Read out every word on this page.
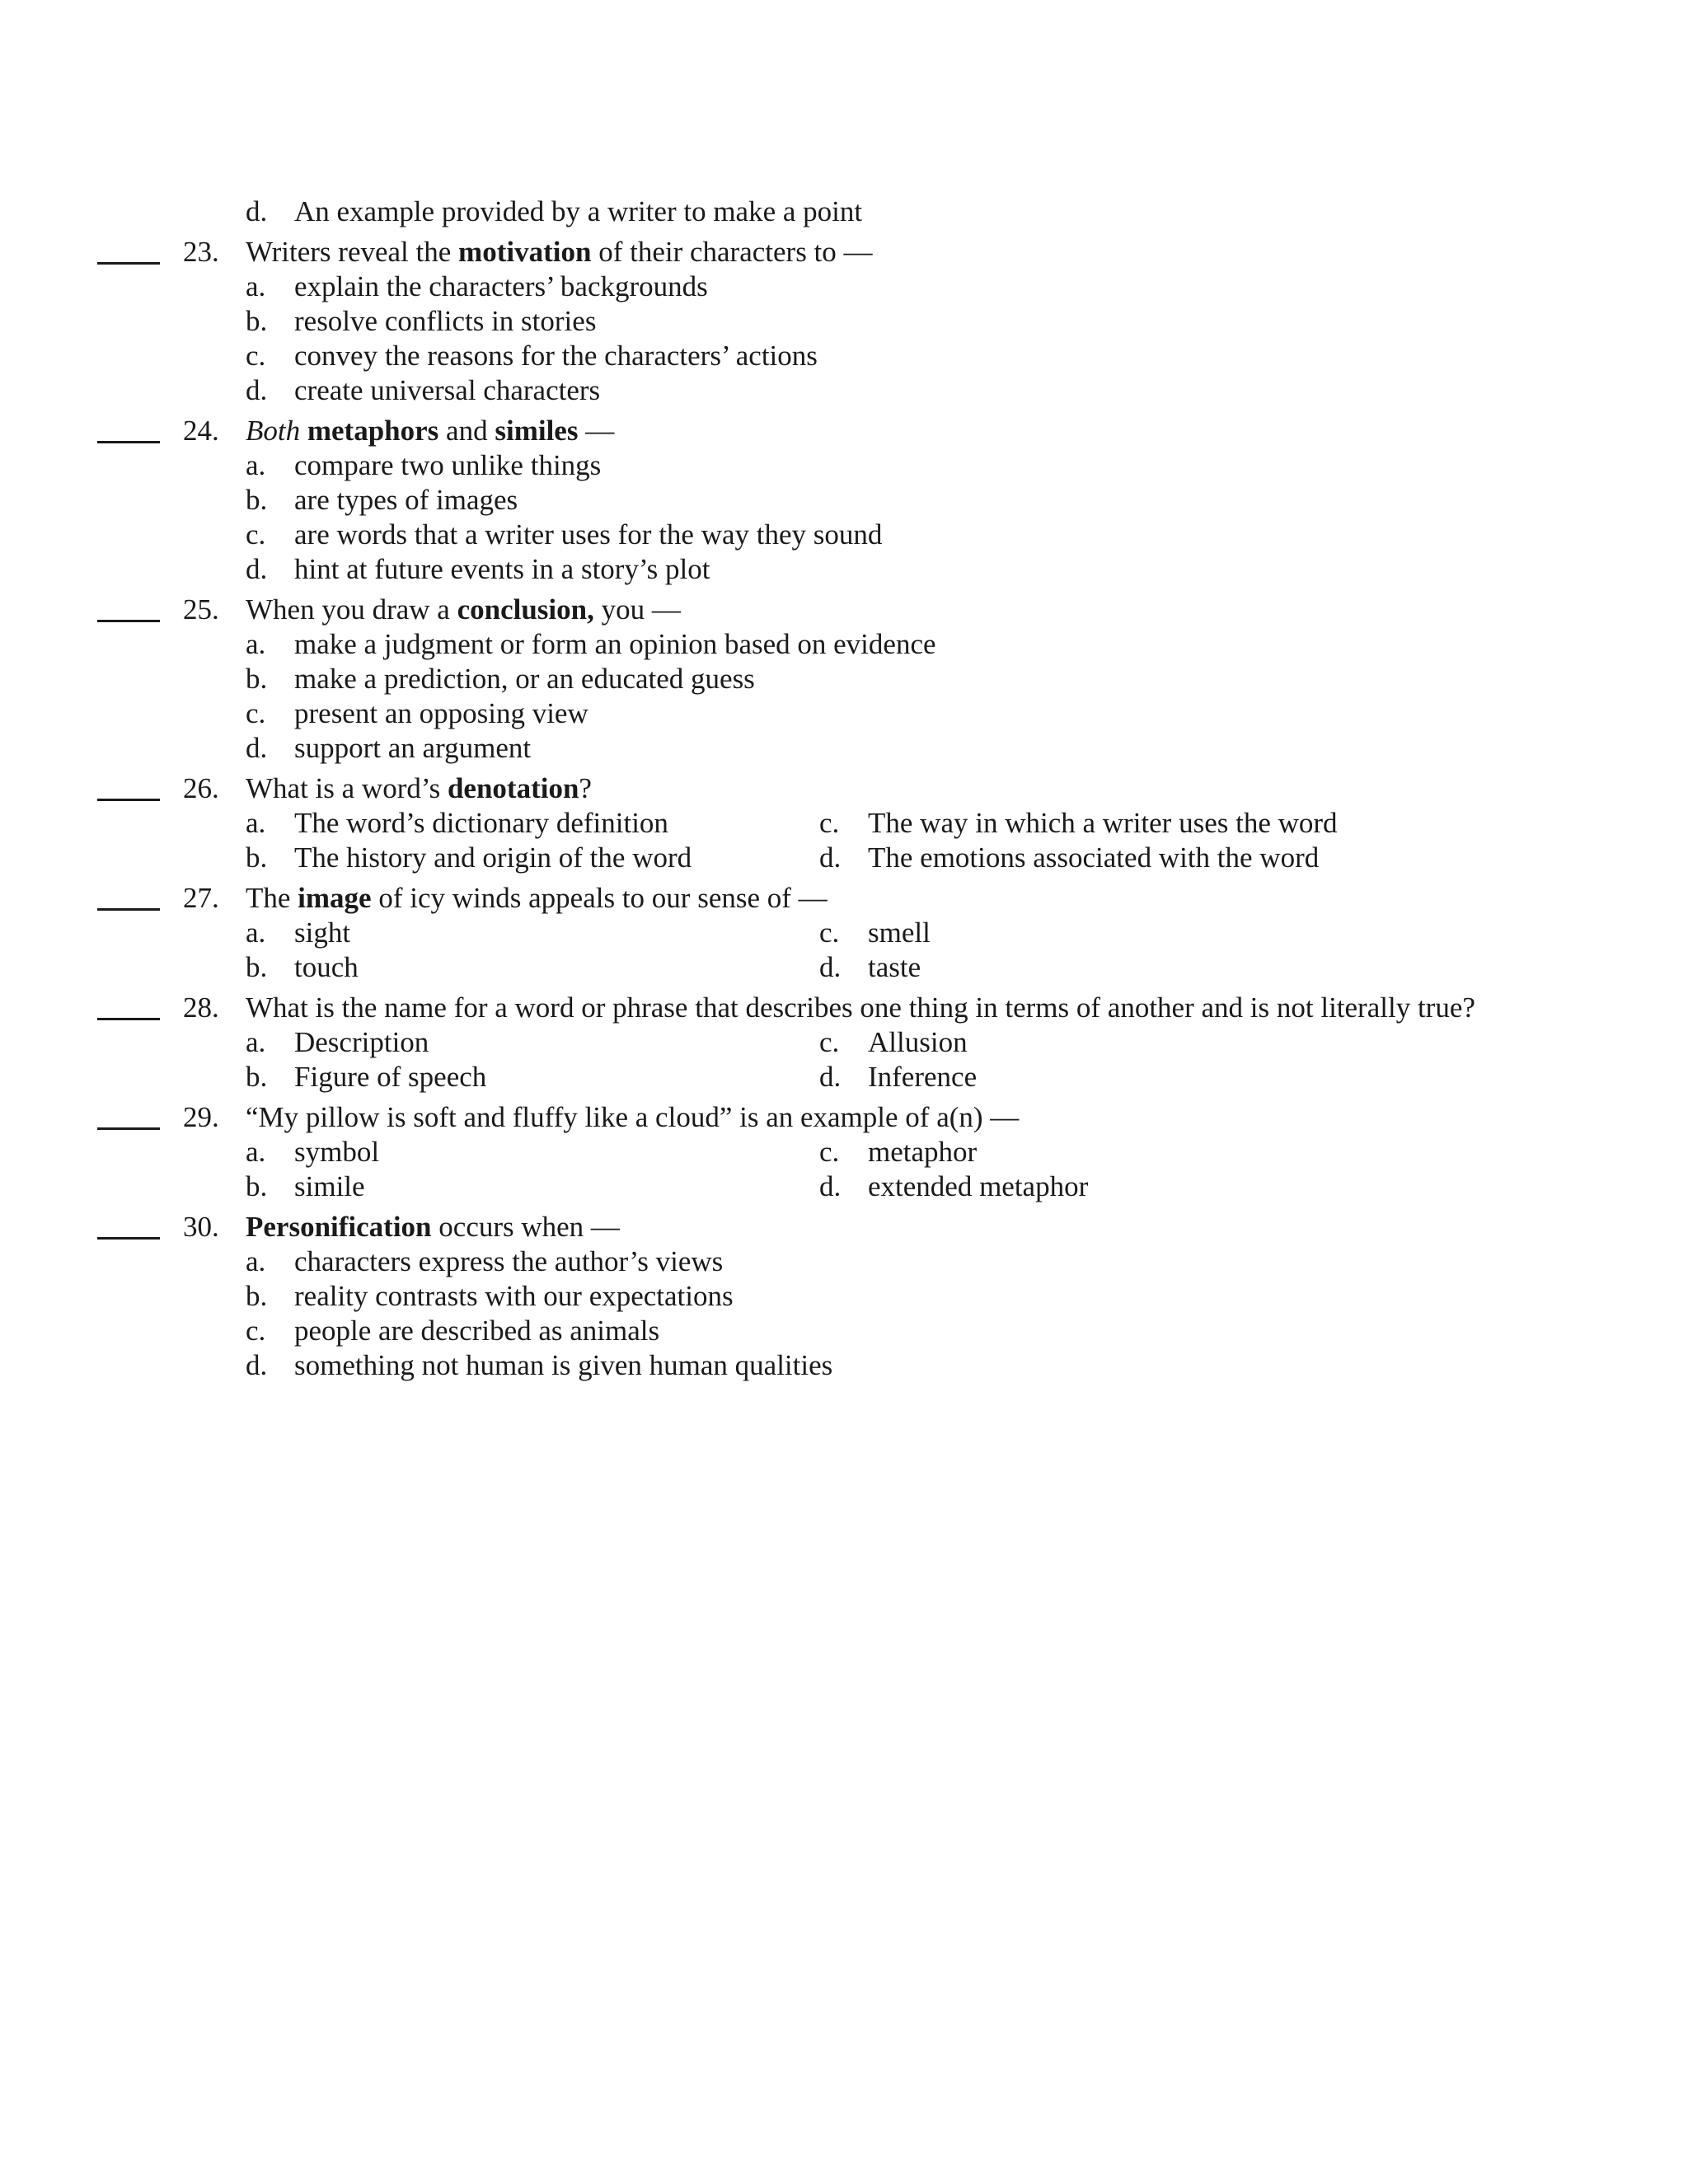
d. An example provided by a writer to make a point
23. Writers reveal the motivation of their characters to —
a. explain the characters’ backgrounds
b. resolve conflicts in stories
c. convey the reasons for the characters’ actions
d. create universal characters
24. Both metaphors and similes —
a. compare two unlike things
b. are types of images
c. are words that a writer uses for the way they sound
d. hint at future events in a story’s plot
25. When you draw a conclusion, you —
a. make a judgment or form an opinion based on evidence
b. make a prediction, or an educated guess
c. present an opposing view
d. support an argument
26. What is a word’s denotation?
a. The word’s dictionary definition	c. The way in which a writer uses the word
b. The history and origin of the word	d. The emotions associated with the word
27. The image of icy winds appeals to our sense of —
a. sight	c. smell
b. touch	d. taste
28. What is the name for a word or phrase that describes one thing in terms of another and is not literally true?
a. Description	c. Allusion
b. Figure of speech	d. Inference
29. “My pillow is soft and fluffy like a cloud” is an example of a(n) —
a. symbol	c. metaphor
b. simile	d. extended metaphor
30. Personification occurs when —
a. characters express the author’s views
b. reality contrasts with our expectations
c. people are described as animals
d. something not human is given human qualities
